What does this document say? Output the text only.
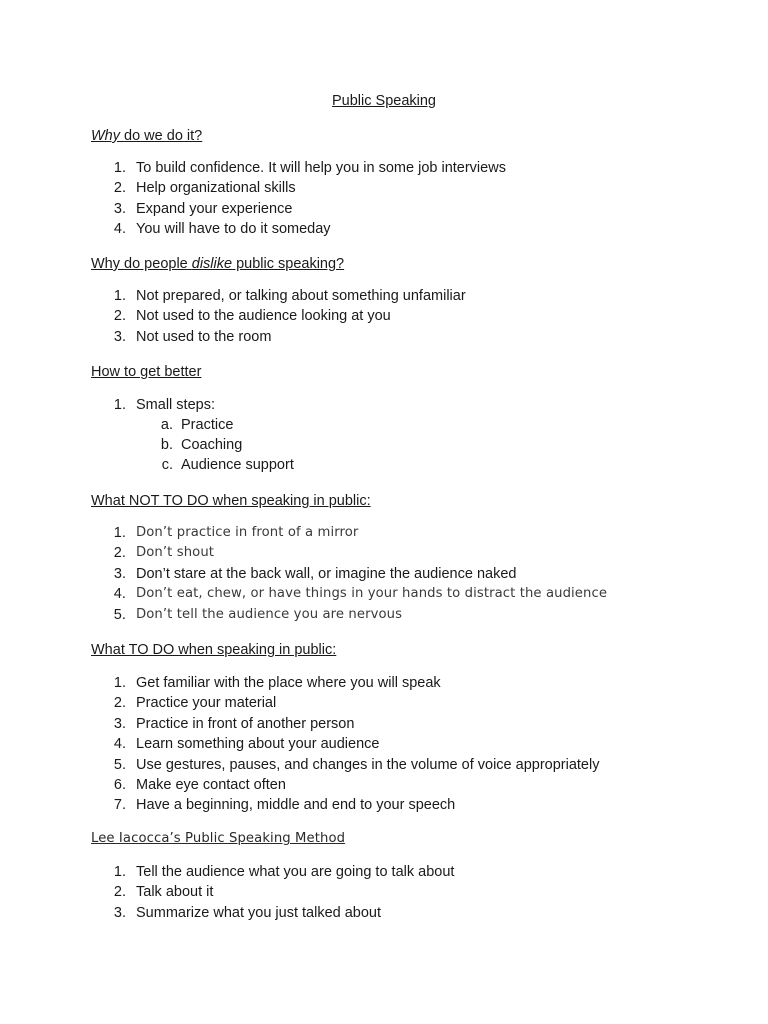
Public Speaking
Why do we do it?
1. To build confidence. It will help you in some job interviews
2. Help organizational skills
3. Expand your experience
4. You will have to do it someday
Why do people dislike public speaking?
1. Not prepared, or talking about something unfamiliar
2. Not used to the audience looking at you
3. Not used to the room
How to get better
1. Small steps:
a. Practice
b. Coaching
c. Audience support
What NOT TO DO when speaking in public:
1. Don’t practice in front of a mirror
2. Don’t shout
3. Don’t stare at the back wall, or imagine the audience naked
4. Don’t eat, chew, or have things in your hands to distract the audience
5. Don’t tell the audience you are nervous
What TO DO when speaking in public:
1. Get familiar with the place where you will speak
2. Practice your material
3. Practice in front of another person
4. Learn something about your audience
5. Use gestures, pauses, and changes in the volume of voice appropriately
6. Make eye contact often
7. Have a beginning, middle and end to your speech
Lee Iacocca’s Public Speaking Method
1. Tell the audience what you are going to talk about
2. Talk about it
3. Summarize what you just talked about
